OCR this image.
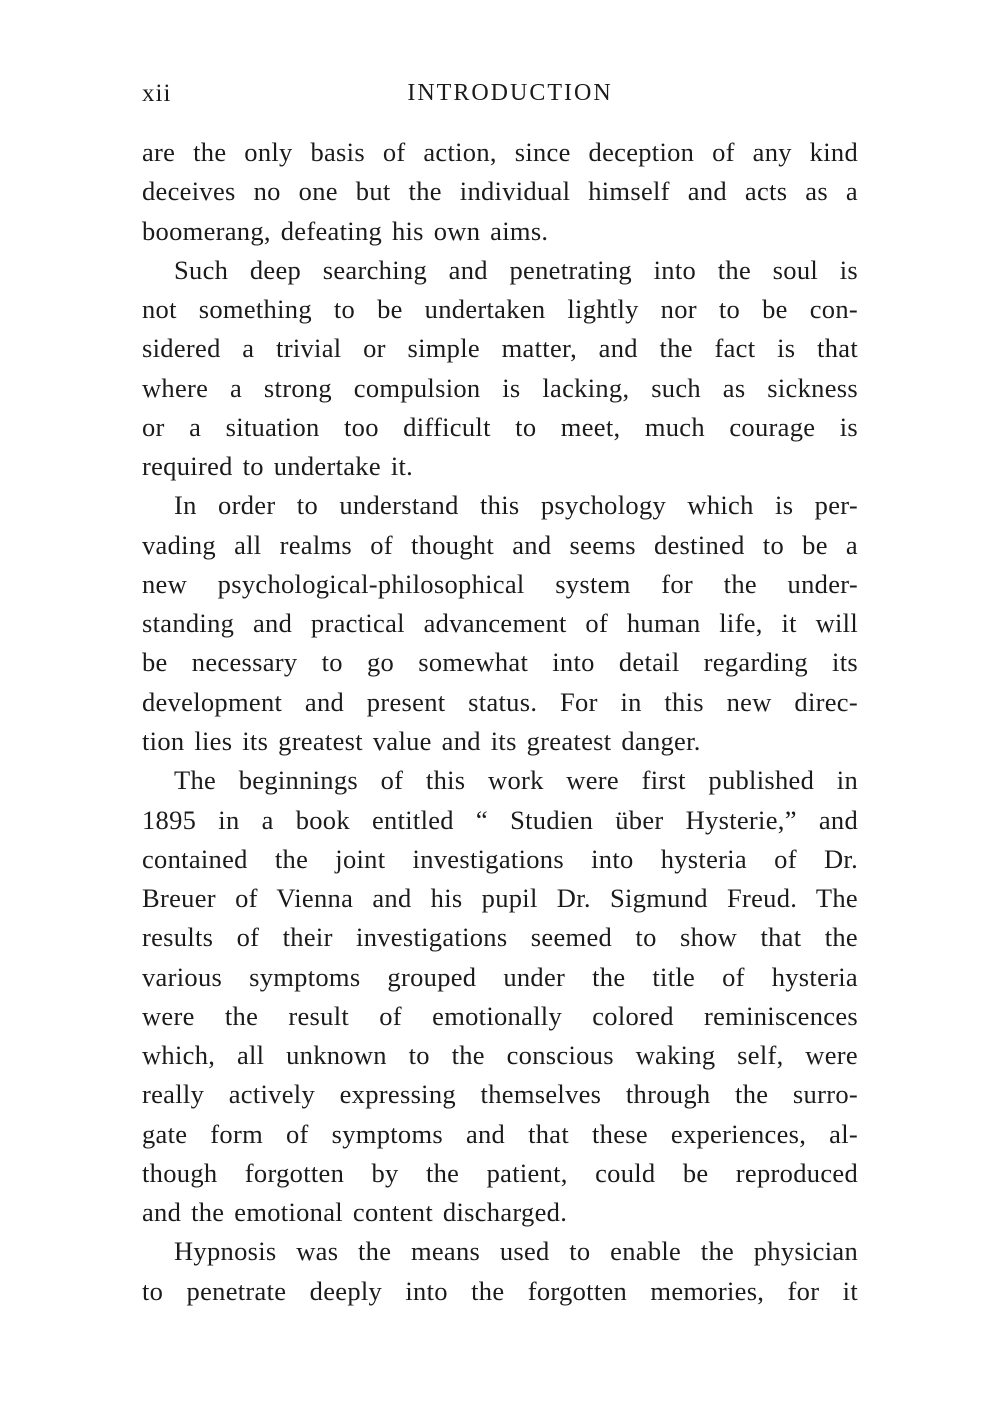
xii	INTRODUCTION
are the only basis of action, since deception of any kind
deceives no one but the individual himself and acts as a
boomerang, defeating his own aims.
Such deep searching and penetrating into the soul is
not something to be undertaken lightly nor to be con-
sidered a trivial or simple matter, and the fact is that
where a strong compulsion is lacking, such as sickness
or a situation too difficult to meet, much courage is
required to undertake it.
In order to understand this psychology which is per-
vading all realms of thought and seems destined to be a
new psychological-philosophical system for the under-
standing and practical advancement of human life, it will
be necessary to go somewhat into detail regarding its
development and present status. For in this new direc-
tion lies its greatest value and its greatest danger.
The beginnings of this work were first published in
1895 in a book entitled “ Studien über Hysterie,” and
contained the joint investigations into hysteria of Dr.
Breuer of Vienna and his pupil Dr. Sigmund Freud. The
results of their investigations seemed to show that the
various symptoms grouped under the title of hysteria
were the result of emotionally colored reminiscences
which, all unknown to the conscious waking self, were
really actively expressing themselves through the surro-
gate form of symptoms and that these experiences, al-
though forgotten by the patient, could be reproduced
and the emotional content discharged.
Hypnosis was the means used to enable the physician
to penetrate deeply into the forgotten memories, for it
